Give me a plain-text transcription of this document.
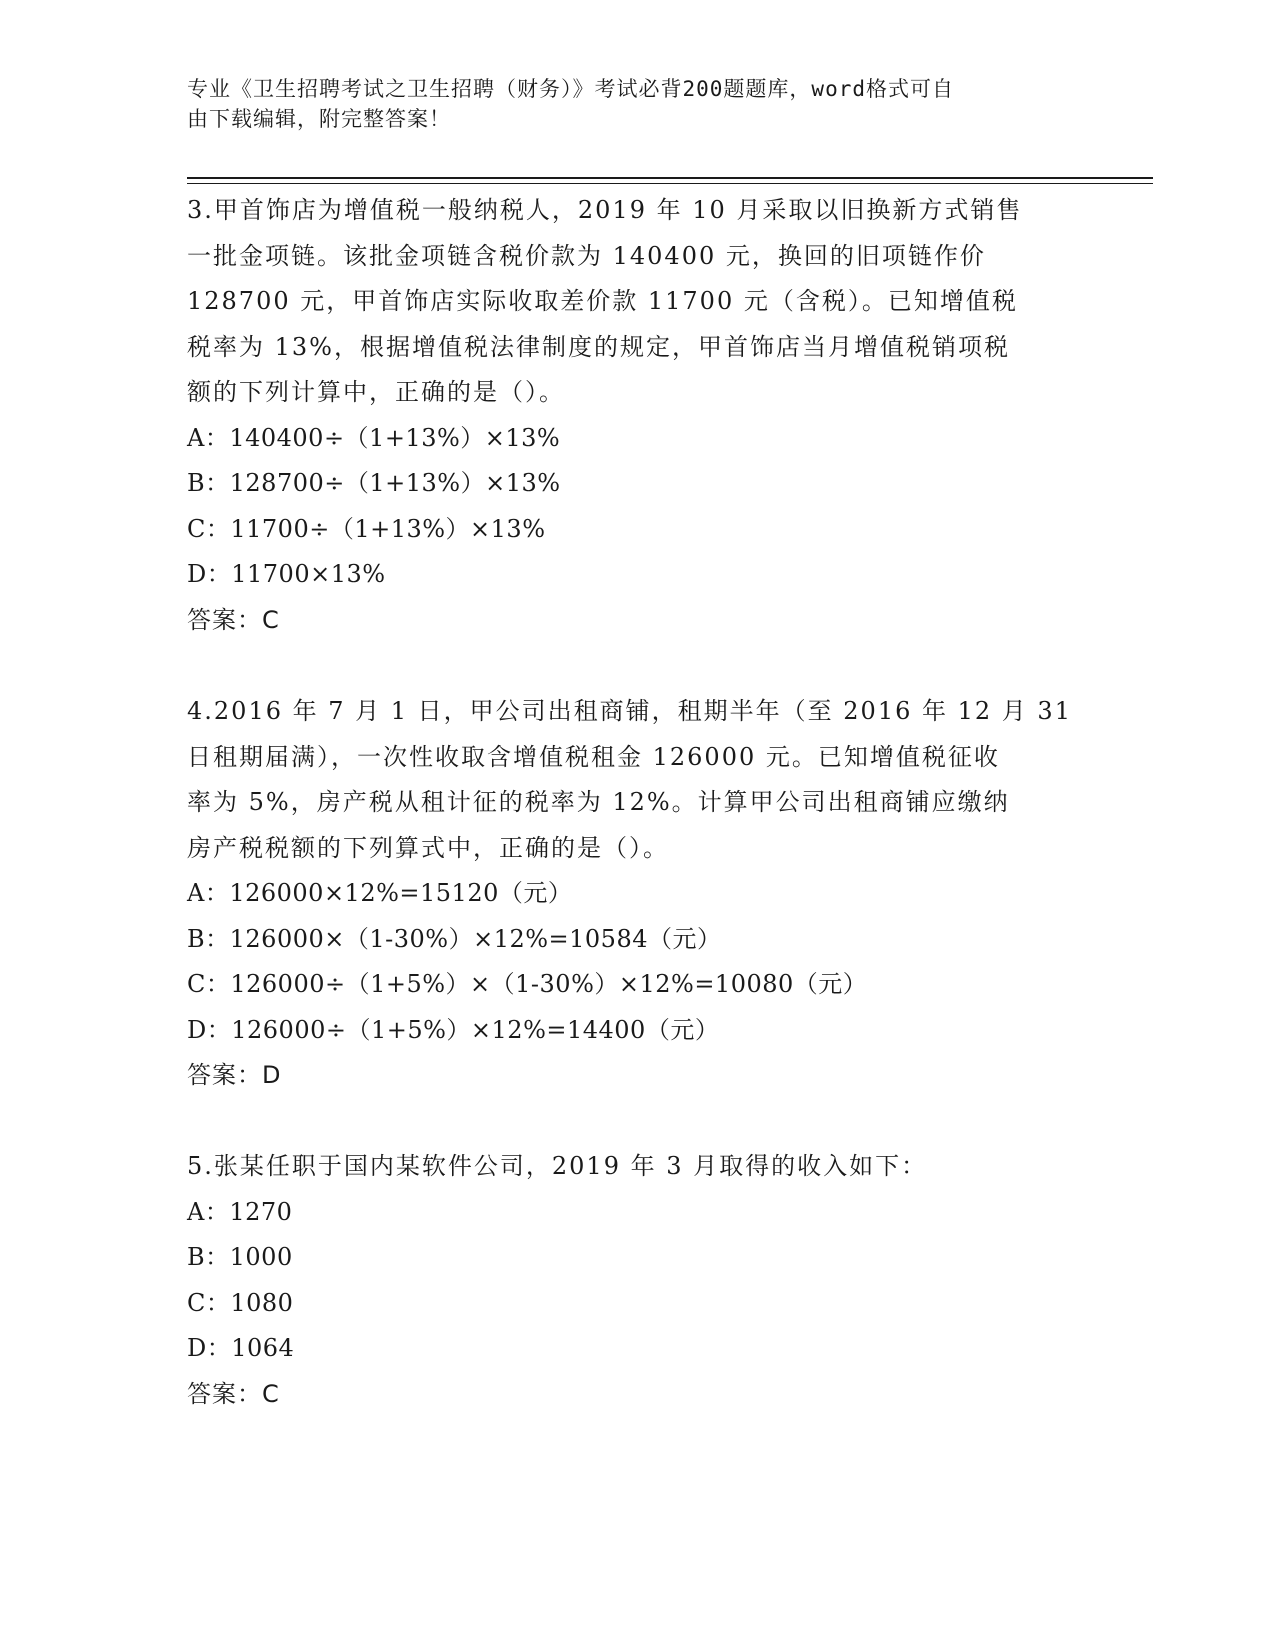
专业《卫生招聘考试之卫生招聘（财务）》考试必背200题题库，word格式可自
由下载编辑，附完整答案！
3.甲首饰店为增值税一般纳税人，2019 年 10 月采取以旧换新方式销售
一批金项链。该批金项链含税价款为 140400 元，换回的旧项链作价
128700 元，甲首饰店实际收取差价款 11700 元（含税）。已知增值税
税率为 13%，根据增值税法律制度的规定，甲首饰店当月增值税销项税
额的下列计算中，正确的是（）。
A：140400÷（1+13%）×13%
B：128700÷（1+13%）×13%
C：11700÷（1+13%）×13%
D：11700×13%
答案：C
4.2016 年 7 月 1 日，甲公司出租商铺，租期半年（至 2016 年 12 月 31
日租期届满），一次性收取含增值税租金 126000 元。已知增值税征收
率为 5%，房产税从租计征的税率为 12%。计算甲公司出租商铺应缴纳
房产税税额的下列算式中，正确的是（）。
A：126000×12%=15120（元）
B：126000×（1-30%）×12%=10584（元）
C：126000÷（1+5%）×（1-30%）×12%=10080（元）
D：126000÷（1+5%）×12%=14400（元）
答案：D
5.张某任职于国内某软件公司，2019 年 3 月取得的收入如下：
A：1270
B：1000
C：1080
D：1064
答案：C
